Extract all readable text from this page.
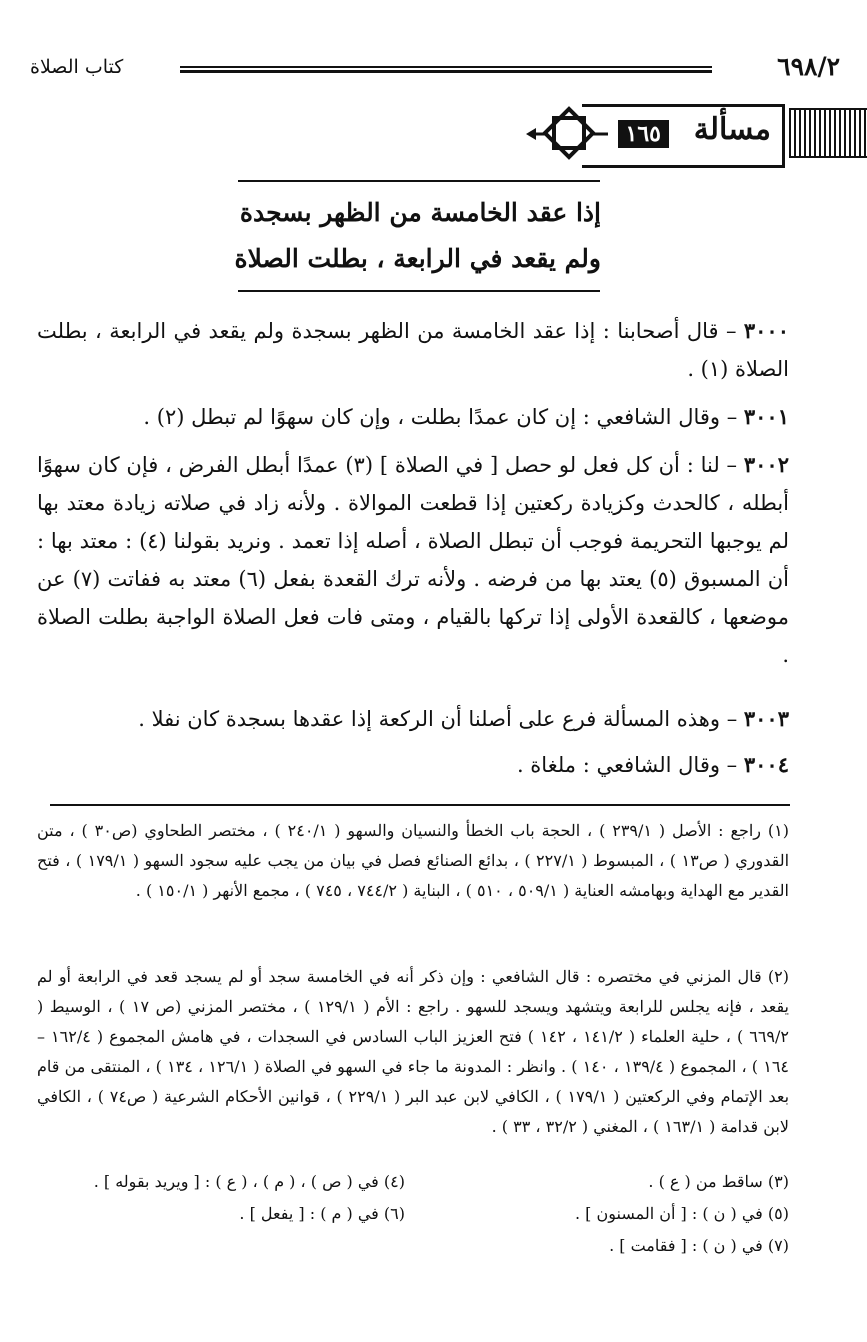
٦٩٨/٢
كتاب الصلاة
مسألة
١٦٥
إذا عقد الخامسة من الظهر بسجدة
ولم يقعد في الرابعة ، بطلت الصلاة
٣٠٠٠ – قال أصحابنا : إذا عقد الخامسة من الظهر بسجدة ولم يقعد في الرابعة ، بطلت الصلاة (١) .
٣٠٠١ – وقال الشافعي : إن كان عمدًا بطلت ، وإن كان سهوًا لم تبطل (٢) .
٣٠٠٢ – لنا : أن كل فعل لو حصل [ في الصلاة ] (٣) عمدًا أبطل الفرض ، فإن كان سهوًا أبطله ، كالحدث وكزيادة ركعتين إذا قطعت الموالاة . ولأنه زاد في صلاته زيادة معتد بها لم يوجبها التحريمة فوجب أن تبطل الصلاة ، أصله إذا تعمد . ونريد بقولنا (٤) : معتد بها : أن المسبوق (٥) يعتد بها من فرضه . ولأنه ترك القعدة بفعل (٦) معتد به ففاتت (٧) عن موضعها ، كالقعدة الأولى إذا تركها بالقيام ، ومتى فات فعل الصلاة الواجبة بطلت الصلاة .
٣٠٠٣ – وهذه المسألة فرع على أصلنا أن الركعة إذا عقدها بسجدة كان نفلا .
٣٠٠٤ – وقال الشافعي : ملغاة .
(١) راجع : الأصل ( ٢٣٩/١ ) ، الحجة باب الخطأ والنسيان والسهو ( ٢٤٠/١ ) ، مختصر الطحاوي (ص٣٠ ) ، متن القدوري ( ص١٣ ) ، المبسوط ( ٢٢٧/١ ) ، بدائع الصنائع فصل في بيان من يجب عليه سجود السهو ( ١٧٩/١ ) ، فتح القدير مع الهداية وبهامشه العناية ( ٥٠٩/١ ، ٥١٠ ) ، البناية ( ٧٤٤/٢ ، ٧٤٥ ) ، مجمع الأنهر ( ١٥٠/١ ) .
(٢) قال المزني في مختصره : قال الشافعي : وإن ذكر أنه في الخامسة سجد أو لم يسجد قعد في الرابعة أو لم يقعد ، فإنه يجلس للرابعة ويتشهد ويسجد للسهو . راجع : الأم ( ١٢٩/١ ) ، مختصر المزني (ص ١٧ ) ، الوسيط ( ٦٦٩/٢ ) ، حلية العلماء ( ١٤١/٢ ، ١٤٢ ) فتح العزيز الباب السادس في السجدات ، في هامش المجموع ( ١٦٢/٤ – ١٦٤ ) ، المجموع ( ١٣٩/٤ ، ١٤٠ ) . وانظر : المدونة ما جاء في السهو في الصلاة ( ١٢٦/١ ، ١٣٤ ) ، المنتقى من قام بعد الإتمام وفي الركعتين ( ١٧٩/١ ) ، الكافي لابن عبد البر ( ٢٢٩/١ ) ، قوانين الأحكام الشرعية ( ص٧٤ ) ، الكافي لابن قدامة ( ١٦٣/١ ) ، المغني ( ٣٢/٢ ، ٣٣ ) .
(٣) ساقط من ( ع ) .
(٤) في ( ص ) ، ( م ) ، ( ع ) : [ ويريد بقوله ] .
(٥) في ( ن ) : [ أن المسنون ] .
(٦) في ( م ) : [ يفعل ] .
(٧) في ( ن ) : [ فقامت ] .
